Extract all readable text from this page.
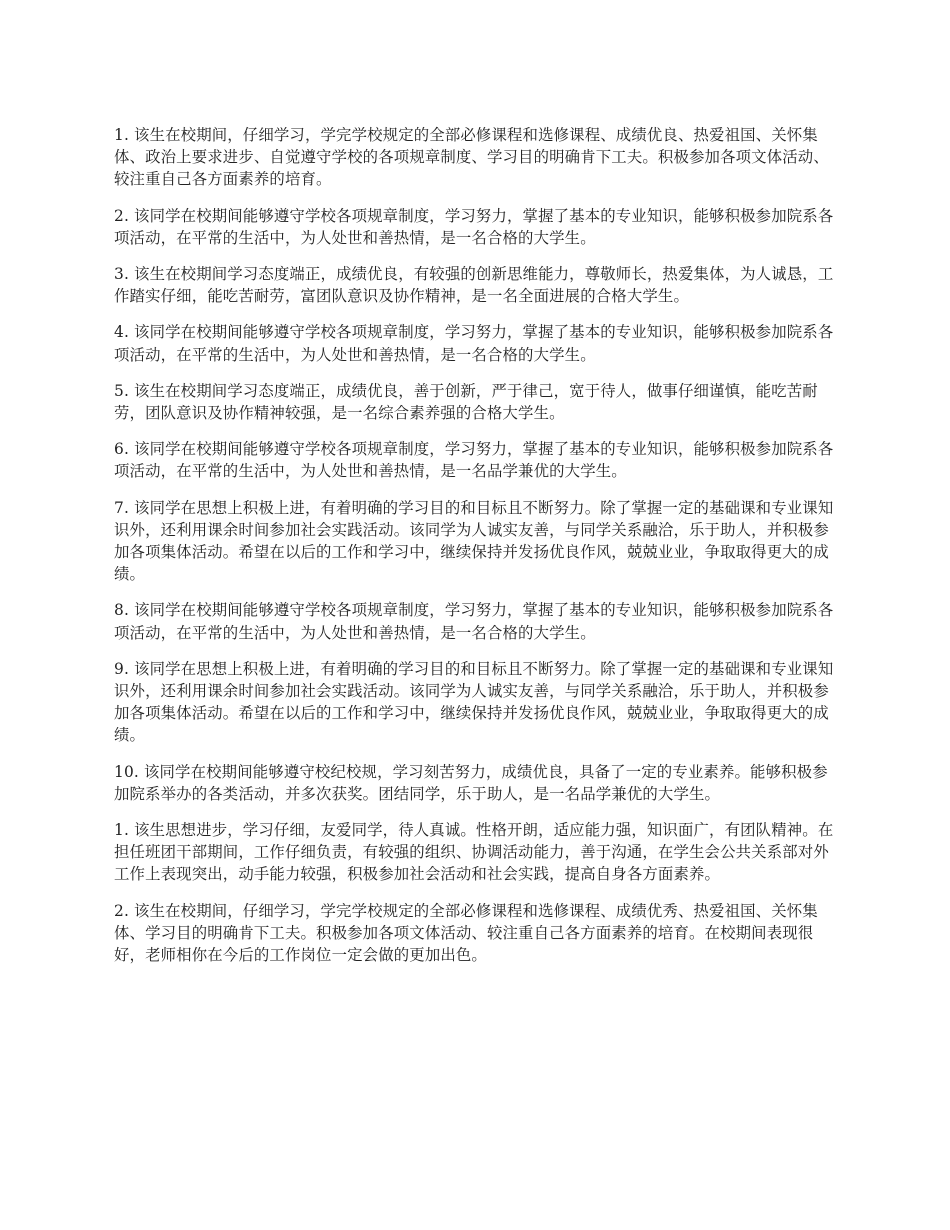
1. 该生在校期间，仔细学习，学完学校规定的全部必修课程和选修课程、成绩优良、热爱祖国、关怀集体、政治上要求进步、自觉遵守学校的各项规章制度、学习目的明确肯下工夫。积极参加各项文体活动、较注重自己各方面素养的培育。

2. 该同学在校期间能够遵守学校各项规章制度，学习努力，掌握了基本的专业知识，能够积极参加院系各项活动，在平常的生活中，为人处世和善热情，是一名合格的大学生。

3. 该生在校期间学习态度端正，成绩优良，有较强的创新思维能力，尊敬师长，热爱集体，为人诚恳，工作踏实仔细，能吃苦耐劳，富团队意识及协作精神，是一名全面进展的合格大学生。

4. 该同学在校期间能够遵守学校各项规章制度，学习努力，掌握了基本的专业知识，能够积极参加院系各项活动，在平常的生活中，为人处世和善热情，是一名合格的大学生。

5. 该生在校期间学习态度端正，成绩优良，善于创新，严于律己，宽于待人，做事仔细谨慎，能吃苦耐劳，团队意识及协作精神较强，是一名综合素养强的合格大学生。

6. 该同学在校期间能够遵守学校各项规章制度，学习努力，掌握了基本的专业知识，能够积极参加院系各项活动，在平常的生活中，为人处世和善热情，是一名品学兼优的大学生。

7. 该同学在思想上积极上进，有着明确的学习目的和目标且不断努力。除了掌握一定的基础课和专业课知识外，还利用课余时间参加社会实践活动。该同学为人诚实友善，与同学关系融洽，乐于助人，并积极参加各项集体活动。希望在以后的工作和学习中，继续保持并发扬优良作风，兢兢业业，争取取得更大的成绩。

8. 该同学在校期间能够遵守学校各项规章制度，学习努力，掌握了基本的专业知识，能够积极参加院系各项活动，在平常的生活中，为人处世和善热情，是一名合格的大学生。

9. 该同学在思想上积极上进，有着明确的学习目的和目标且不断努力。除了掌握一定的基础课和专业课知识外，还利用课余时间参加社会实践活动。该同学为人诚实友善，与同学关系融洽，乐于助人，并积极参加各项集体活动。希望在以后的工作和学习中，继续保持并发扬优良作风，兢兢业业，争取取得更大的成绩。

10. 该同学在校期间能够遵守校纪校规，学习刻苦努力，成绩优良，具备了一定的专业素养。能够积极参加院系举办的各类活动，并多次获奖。团结同学，乐于助人，是一名品学兼优的大学生。

1. 该生思想进步，学习仔细，友爱同学，待人真诚。性格开朗，适应能力强，知识面广，有团队精神。在担任班团干部期间，工作仔细负责，有较强的组织、协调活动能力，善于沟通，在学生会公共关系部对外工作上表现突出，动手能力较强，积极参加社会活动和社会实践，提高自身各方面素养。

2. 该生在校期间，仔细学习，学完学校规定的全部必修课程和选修课程、成绩优秀、热爱祖国、关怀集体、学习目的明确肯下工夫。积极参加各项文体活动、较注重自己各方面素养的培育。在校期间表现很好，老师相你在今后的工作岗位一定会做的更加出色。
